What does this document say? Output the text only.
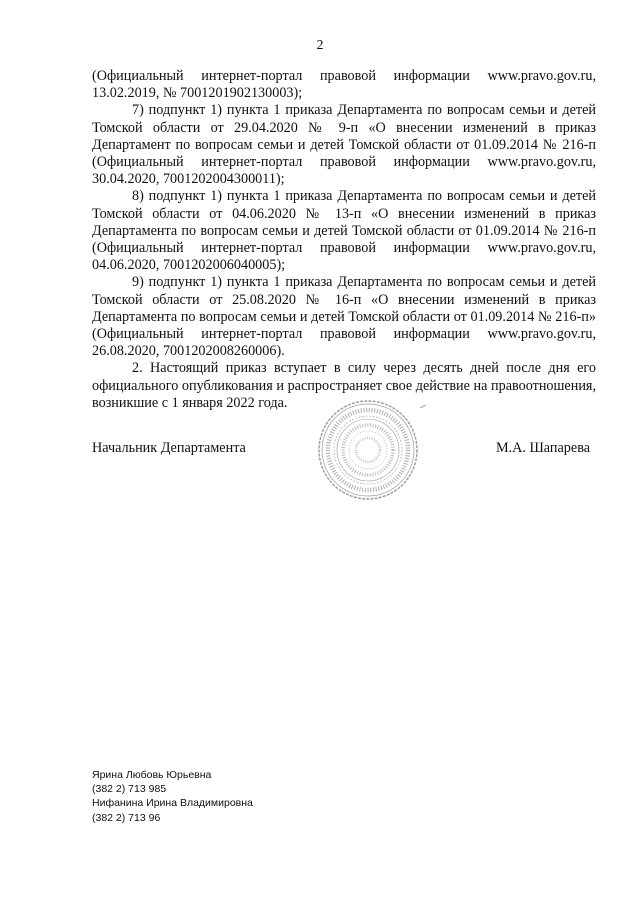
2
(Официальный интернет-портал правовой информации www.pravo.gov.ru,
13.02.2019, № 7001201902130003);
7) подпункт 1) пункта 1 приказа Департамента по вопросам семьи и детей
Томской области от 29.04.2020 № 9-п «О внесении изменений в приказ
Департамент по вопросам семьи и детей Томской области от 01.09.2014 № 216-п
(Официальный интернет-портал правовой информации www.pravo.gov.ru,
30.04.2020, 7001202004300011);
8) подпункт 1) пункта 1 приказа Департамента по вопросам семьи и детей
Томской области от 04.06.2020 № 13-п «О внесении изменений в приказ
Департамента по вопросам семьи и детей Томской области от 01.09.2014 № 216-п
(Официальный интернет-портал правовой информации www.pravo.gov.ru,
04.06.2020, 7001202006040005);
9) подпункт 1) пункта 1 приказа Департамента по вопросам семьи и детей
Томской области от 25.08.2020 № 16-п «О внесении изменений в приказ
Департамента по вопросам семьи и детей Томской области от 01.09.2014 № 216-п»
(Официальный интернет-портал правовой информации www.pravo.gov.ru,
26.08.2020, 7001202008260006).
2. Настоящий приказ вступает в силу через десять дней после дня его
официального опубликования и распространяет свое действие на правоотношения,
возникшие с 1 января 2022 года.
Начальник Департамента	М.А. Шапарева
Ярина Любовь Юрьевна
(382 2) 713 985
Нифанина Ирина Владимировна
(382 2) 713 96
